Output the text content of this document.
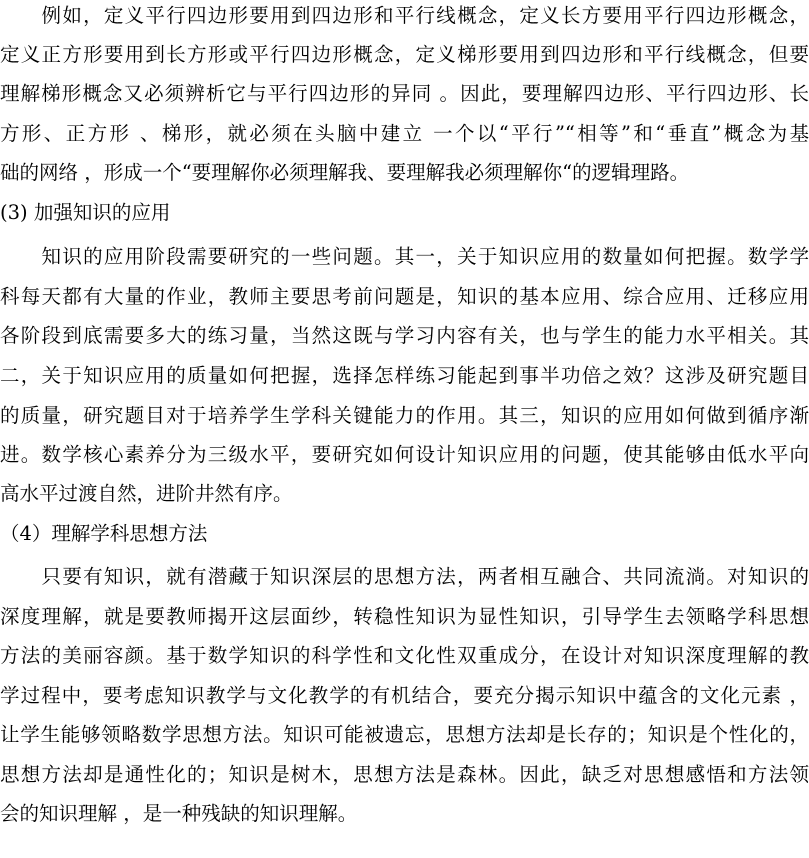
　　例如，定义平行四边形要用到四边形和平行线概念，定义长方要用平行四边形概念，
定义正方形要用到长方形或平行四边形概念，定义梯形要用到四边形和平行线概念，但要
理解梯形概念又必须辨析它与平行四边形的异同 。因此，要理解四边形、平行四边形、长
方形、正方形 、梯形，就必须在头脑中建立 一个以“平行”“相等”和“垂直”概念为基
础的网络 ，形成一个“要理解你必须理解我、要理解我必须理解你“的逻辑理路。
(3) 加强知识的应用
　　知识的应用阶段需要研究的一些问题。其一，关于知识应用的数量如何把握。数学学
科每天都有大量的作业，教师主要思考前问题是，知识的基本应用、综合应用、迁移应用
各阶段到底需要多大的练习量，当然这既与学习内容有关，也与学生的能力水平相关。其
二，关于知识应用的质量如何把握，选择怎样练习能起到事半功倍之效？这涉及研究题目
的质量，研究题目对于培养学生学科关键能力的作用。其三，知识的应用如何做到循序渐
进。数学核心素养分为三级水平，要研究如何设计知识应用的问题，使其能够由低水平向
高水平过渡自然，进阶井然有序。
（4）理解学科思想方法
　　只要有知识，就有潜藏于知识深层的思想方法，两者相互融合、共同流淌。对知识的
深度理解，就是要教师揭开这层面纱，转稳性知识为显性知识，引导学生去领略学科思想
方法的美丽容颜。基于数学知识的科学性和文化性双重成分，在设计对知识深度理解的教
学过程中，要考虑知识教学与文化教学的有机结合，要充分揭示知识中蕴含的文化元素 ，
让学生能够领略数学思想方法。知识可能被遗忘，思想方法却是长存的；知识是个性化的，
思想方法却是通性化的；知识是树木，思想方法是森林。因此，缺乏对思想感悟和方法领
会的知识理解 ，是一种残缺的知识理解。
